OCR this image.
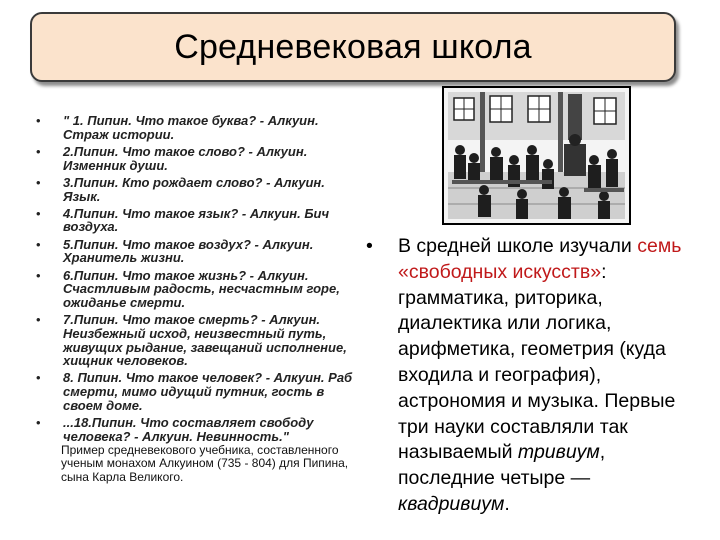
Средневековая школа
• " 1. Пипин. Что такое буква? - Алкуин. Страж истории.
• 2.Пипин. Что такое слово? - Алкуин. Изменник души.
• 3.Пипин. Кто рождает слово? - Алкуин. Язык.
• 4.Пипин. Что такое язык? - Алкуин. Бич воздуха.
• 5.Пипин. Что такое воздух? - Алкуин. Хранитель жизни.
• 6.Пипин. Что такое жизнь? - Алкуин. Счастливым радость, несчастным горе, ожиданье смерти.
• 7.Пипин. Что такое смерть? - Алкуин. Неизбежный исход, неизвестный путь, живущих рыдание, завещаний исполнение, хищник человеков.
• 8. Пипин. Что такое человек? - Алкуин. Раб смерти, мимо идущий путник, гость в своем доме.
• ...18.Пипин. Что составляет свободу человека? - Алкуин. Невинность."
Пример средневекового учебника, составленного ученым монахом Алкуином (735 - 804) для Пипина, сына Карла Великого.
•	В средней школе изучали семь «свободных искусств»: грамматика, риторика, диалектика или логика, арифметика, геометрия (куда входила и география), астрономия и музыка. Первые три науки составляли так называемый тривиум, последние четыре — квадривиум.
